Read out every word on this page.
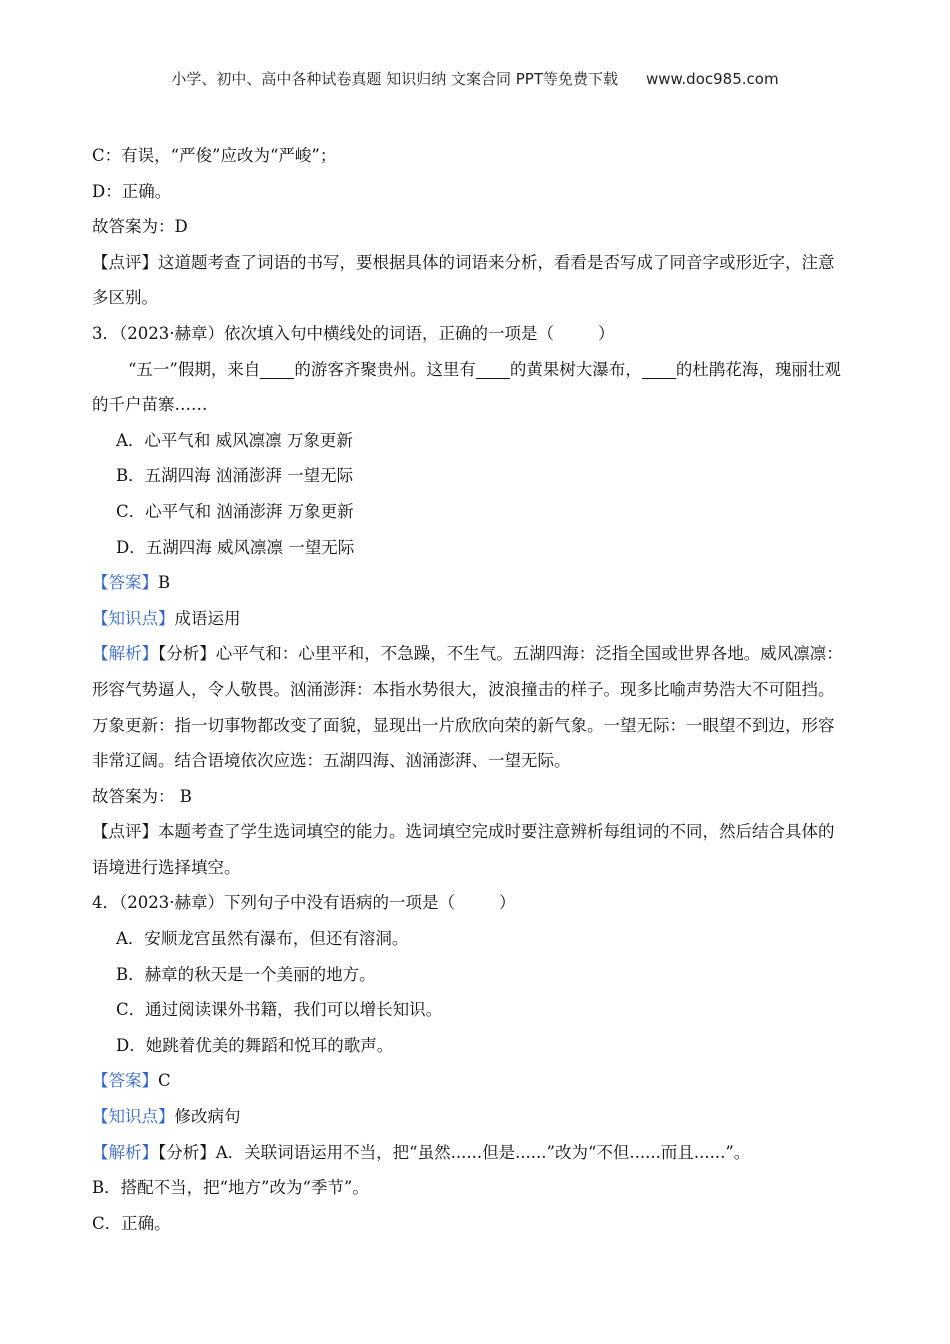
小学、初中、高中各种试卷真题 知识归纳 文案合同 PPT等免费下载 www.doc985.com

C：有误，“严俊”应改为“严峻”；

D：正确。

故答案为：D

【点评】这道题考查了词语的书写，要根据具体的词语来分析，看看是否写成了同音字或形近字，注意多区别。

3．（2023·赫章）依次填入句中横线处的词语，正确的一项是（	）

“五一”假期，来自 的游客齐聚贵州。这里有 的黄果树大瀑布， 的杜鹃花海，瑰丽壮观的千户苗寨……

A．心平气和 威风凛凛 万象更新

B．五湖四海 汹涌澎湃 一望无际

C．心平气和 汹涌澎湃 万象更新

D．五湖四海 威风凛凛 一望无际

【答案】B

【知识点】成语运用

【解析】【分析】心平气和：心里平和，不急躁，不生气。五湖四海：泛指全国或世界各地。威风凛凛：形容气势逼人，令人敬畏。汹涌澎湃：本指水势很大，波浪撞击的样子。现多比喻声势浩大不可阻挡。万象更新：指一切事物都改变了面貌，显现出一片欣欣向荣的新气象。一望无际：一眼望不到边，形容非常辽阔。结合语境依次应选：五湖四海、汹涌澎湃、一望无际。

故答案为： B

【点评】本题考查了学生选词填空的能力。选词填空完成时要注意辨析每组词的不同，然后结合具体的语境进行选择填空。

4．（2023·赫章）下列句子中没有语病的一项是（	）

A．安顺龙宫虽然有瀑布，但还有溶洞。

B．赫章的秋天是一个美丽的地方。

C．通过阅读课外书籍，我们可以增长知识。

D．她跳着优美的舞蹈和悦耳的歌声。

【答案】C

【知识点】修改病句

【解析】【分析】A．关联词语运用不当，把“虽然......但是......”改为“不但......而且......”。

B．搭配不当，把“地方”改为“季节”。

C．正确。
